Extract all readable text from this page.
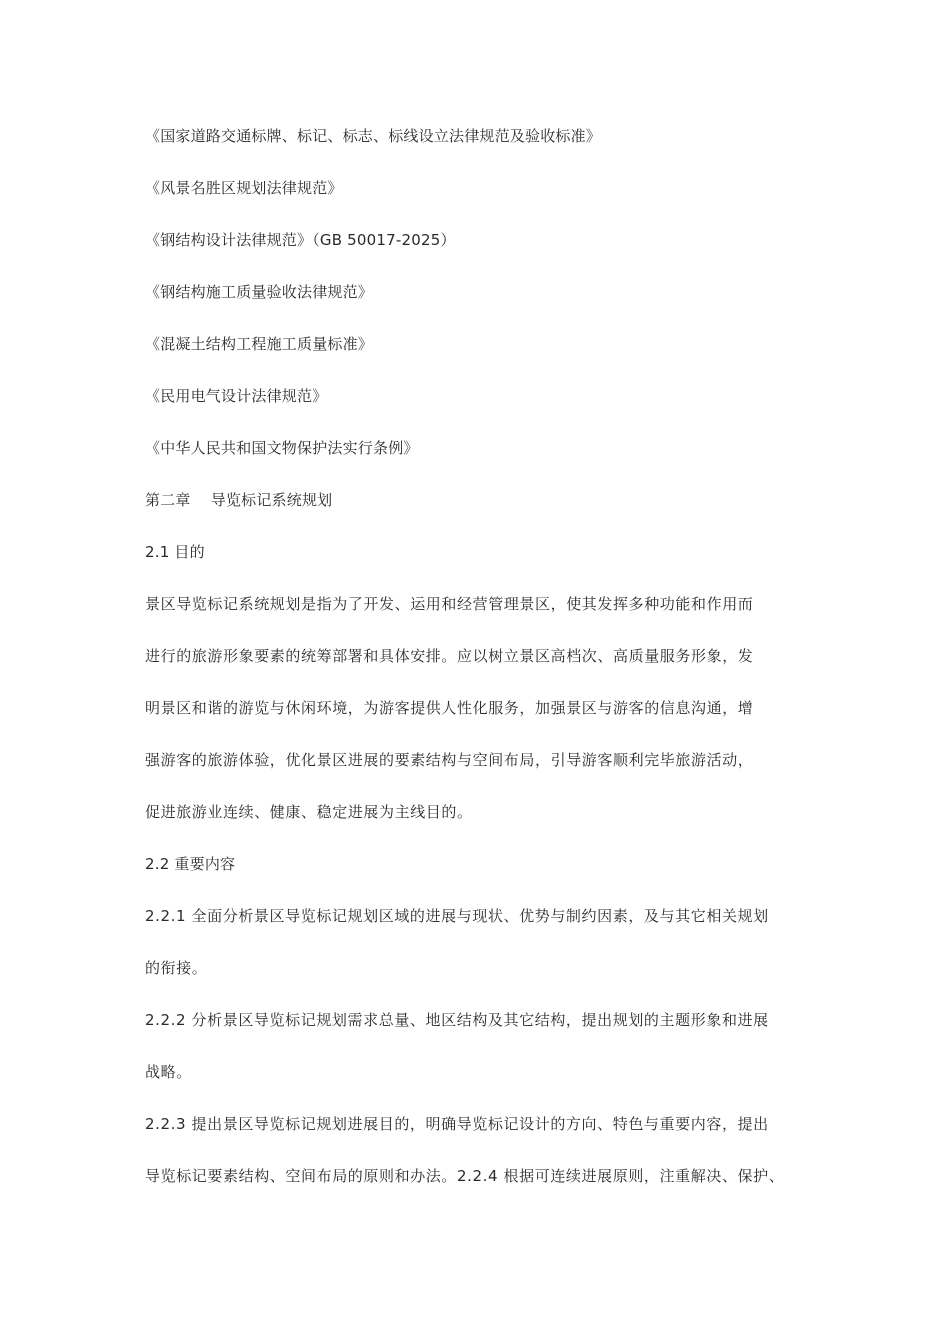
《国家道路交通标牌、标记、标志、标线设立法律规范及验收标准》
《风景名胜区规划法律规范》
《钢结构设计法律规范》（GB 50017-2025）
《钢结构施工质量验收法律规范》
《混凝土结构工程施工质量标准》
《民用电气设计法律规范》
《中华人民共和国文物保护法实行条例》
第二章　 导览标记系统规划
2.1 目的
景区导览标记系统规划是指为了开发、运用和经营管理景区，使其发挥多种功能和作用而
进行的旅游形象要素的统筹部署和具体安排。应以树立景区高档次、高质量服务形象，发
明景区和谐的游览与休闲环境，为游客提供人性化服务，加强景区与游客的信息沟通，增
强游客的旅游体验，优化景区进展的要素结构与空间布局，引导游客顺利完毕旅游活动，
促进旅游业连续、健康、稳定进展为主线目的。
2.2 重要内容
2.2.1 全面分析景区导览标记规划区域的进展与现状、优势与制约因素，及与其它相关规划
的衔接。
2.2.2 分析景区导览标记规划需求总量、地区结构及其它结构，提出规划的主题形象和进展
战略。
2.2.3 提出景区导览标记规划进展目的，明确导览标记设计的方向、特色与重要内容，提出
导览标记要素结构、空间布局的原则和办法。2.2.4 根据可连续进展原则，注重解决、保护、
